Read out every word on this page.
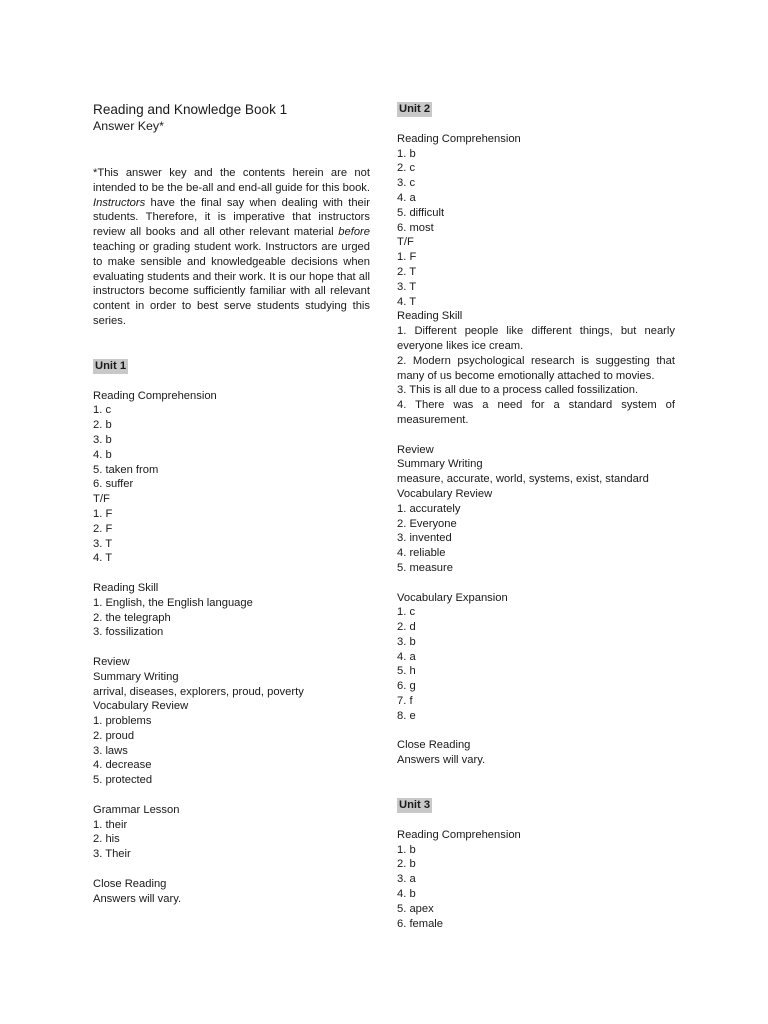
Reading and Knowledge Book 1

Answer Key*

*This answer key and the contents herein are not intended to be the be-all and end-all guide for this book. Instructors have the final say when dealing with their students. Therefore, it is imperative that instructors review all books and all other relevant material before teaching or grading student work. Instructors are urged to make sensible and knowledgeable decisions when evaluating students and their work. It is our hope that all instructors become sufficiently familiar with all relevant content in order to best serve students studying this series.

Unit 1

Reading Comprehension

1. c

2. b

3. b

4. b

5. taken from

6. suffer

T/F

1. F

2. F

3. T

4. T

Reading Skill

1. English, the English language

2. the telegraph

3. fossilization

Review

Summary Writing

arrival, diseases, explorers, proud, poverty

Vocabulary Review

1. problems

2. proud

3. laws

4. decrease

5. protected

Grammar Lesson

1. their

2. his

3. Their

Close Reading

Answers will vary.

Unit 2

Reading Comprehension

1. b

2. c

3. c

4. a

5. difficult

6. most

T/F

1. F

2. T

3. T

4. T

Reading Skill

1. Different people like different things, but nearly everyone likes ice cream.

2. Modern psychological research is suggesting that many of us become emotionally attached to movies.

3. This is all due to a process called fossilization.

4. There was a need for a standard system of measurement.

Review

Summary Writing

measure, accurate, world, systems, exist, standard

Vocabulary Review

1. accurately

2. Everyone

3. invented

4. reliable

5. measure

Vocabulary Expansion

1. c

2. d

3. b

4. a

5. h

6. g

7. f

8. e

Close Reading

Answers will vary.

Unit 3

Reading Comprehension

1. b

2. b

3. a

4. b

5. apex

6. female
